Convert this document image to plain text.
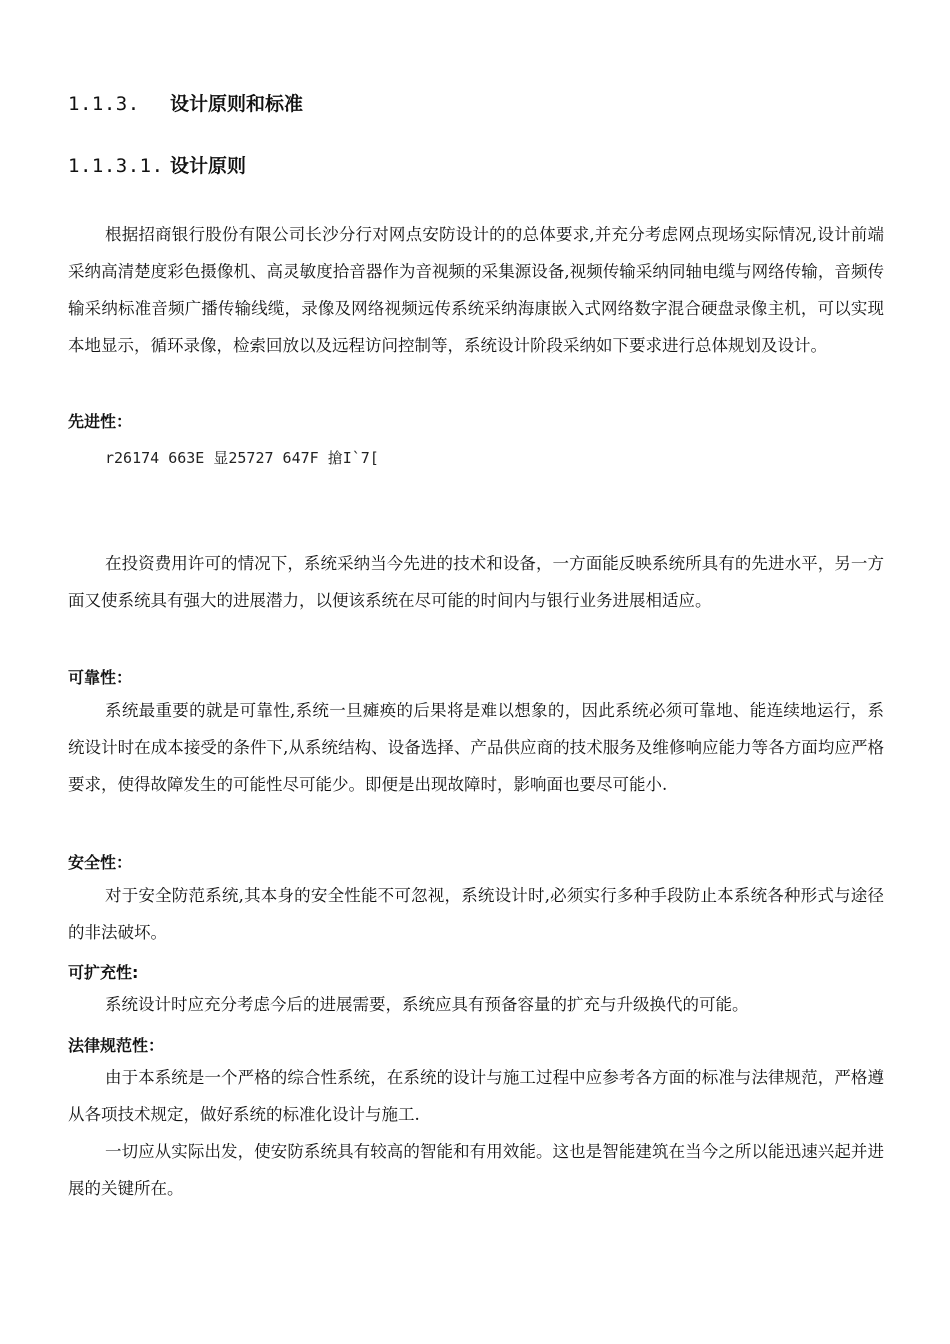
1.1.3. 设计原则和标准
1.1.3.1. 设计原则

根据招商银行股份有限公司长沙分行对网点安防设计的的总体要求,并充分考虑网点现场实际情况,设计前端采纳高清楚度彩色摄像机、高灵敏度拾音器作为音视频的采集源设备,视频传输采纳同轴电缆与网络传输，音频传输采纳标准音频广播传输线缆，录像及网络视频远传系统采纳海康嵌入式网络数字混合硬盘录像主机，可以实现本地显示，循环录像，检索回放以及远程访问控制等，系统设计阶段采纳如下要求进行总体规划及设计。

先进性：
r26174 663E 显25727 647F 搶I`7[

在投资费用许可的情况下，系统采纳当今先进的技术和设备，一方面能反映系统所具有的先进水平，另一方面又使系统具有强大的进展潜力，以便该系统在尽可能的时间内与银行业务进展相适应。

可靠性：

系统最重要的就是可靠性,系统一旦瘫痪的后果将是难以想象的，因此系统必须可靠地、能连续地运行，系统设计时在成本接受的条件下,从系统结构、设备选择、产品供应商的技术服务及维修响应能力等各方面均应严格要求，使得故障发生的可能性尽可能少。即便是出现故障时，影响面也要尽可能小.

安全性：

对于安全防范系统,其本身的安全性能不可忽视，系统设计时,必须实行多种手段防止本系统各种形式与途径的非法破坏。

可扩充性:

系统设计时应充分考虑今后的进展需要，系统应具有预备容量的扩充与升级换代的可能。

法律规范性：

由于本系统是一个严格的综合性系统，在系统的设计与施工过程中应参考各方面的标准与法律规范，严格遵从各项技术规定，做好系统的标准化设计与施工.

一切应从实际出发，使安防系统具有较高的智能和有用效能。这也是智能建筑在当今之所以能迅速兴起并进展的关键所在。
